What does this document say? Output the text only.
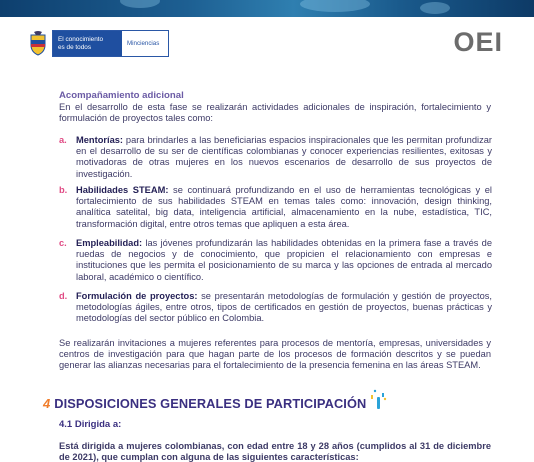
El conocimiento
es de todos	Minciencias	OEI
Acompañamiento adicional
En el desarrollo de esta fase se realizarán actividades adicionales de inspiración, fortalecimiento y formulación de proyectos tales como:
a. Mentorías: para brindarles a las beneficiarias espacios inspiracionales que les permitan profundizar en el desarrollo de su ser de científicas colombianas y conocer experiencias resilientes, exitosas y motivadoras de otras mujeres en los nuevos escenarios de desarrollo de sus proyectos de investigación.
b. Habilidades STEAM: se continuará profundizando en el uso de herramientas tecnológicas y el fortalecimiento de sus habilidades STEAM en temas tales como: innovación, design thinking, analítica satelital, big data, inteligencia artificial, almacenamiento en la nube, estadística, TIC, transformación digital, entre otros temas que apliquen a esta área.
c. Empleabilidad: las jóvenes profundizarán las habilidades obtenidas en la primera fase a través de ruedas de negocios y de conocimiento, que propicien el relacionamiento con empresas e instituciones que les permita el posicionamiento de su marca y las opciones de entrada al mercado laboral, académico o científico.
d. Formulación de proyectos: se presentarán metodologías de formulación y gestión de proyectos, metodologías ágiles, entre otros, tipos de certificados en gestión de proyectos, buenas prácticas y metodologías del sector público en Colombia.
Se realizarán invitaciones a mujeres referentes para procesos de mentoría, empresas, universidades y centros de investigación para que hagan parte de los procesos de formación descritos y se puedan generar las alianzas necesarias para el fortalecimiento de la presencia femenina en las áreas STEAM.
4 DISPOSICIONES GENERALES DE PARTICIPACIÓN
4.1 Dirigida a:
Está dirigida a mujeres colombianas, con edad entre 18 y 28 años (cumplidos al 31 de diciembre de 2021), que cumplan con alguna de las siguientes características:
